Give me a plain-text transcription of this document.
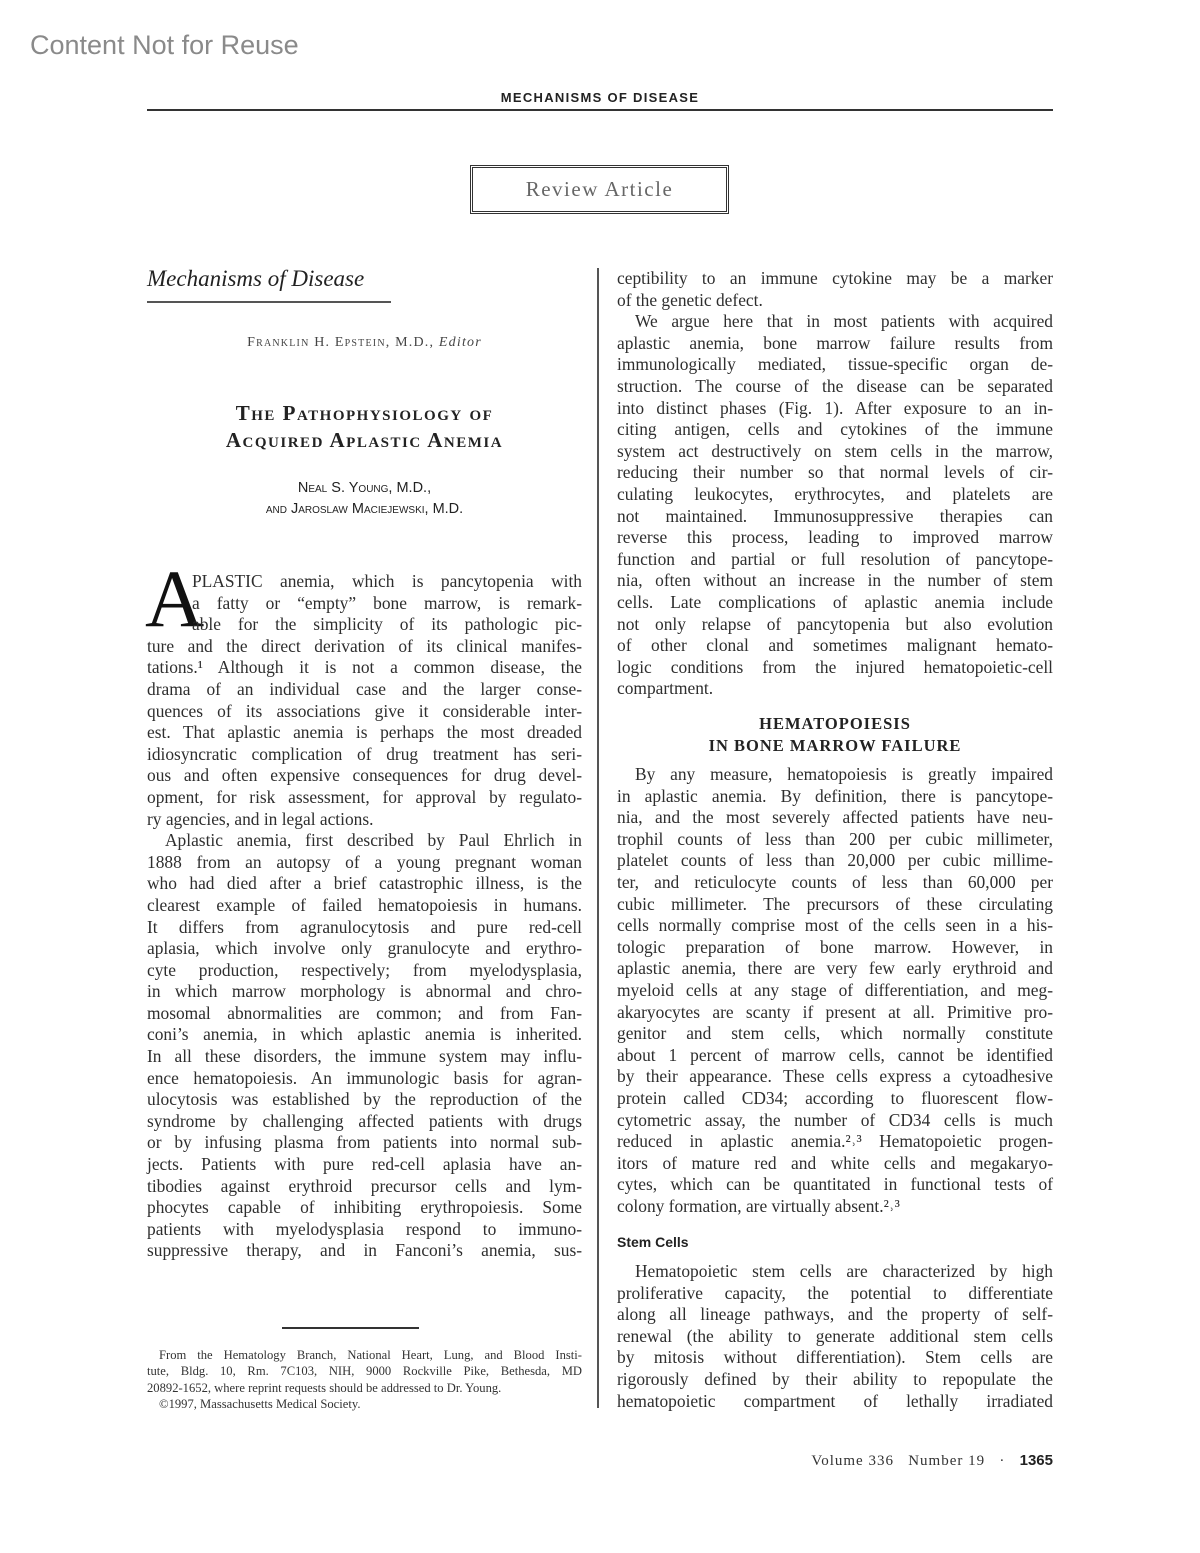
Content Not for Reuse
MECHANISMS OF DISEASE
Review Article
Mechanisms of Disease
Franklin H. Epstein, M.D., Editor
The Pathophysiology of
Acquired Aplastic Anemia
Neal S. Young, M.D.,
and Jaroslaw Maciejewski, M.D.
A
PLASTIC anemia, which is pancytopenia with
a fatty or “empty” bone marrow, is remark-
able for the simplicity of its pathologic pic-
ture and the direct derivation of its clinical manifes-
tations.¹ Although it is not a common disease, the
drama of an individual case and the larger conse-
quences of its associations give it considerable inter-
est. That aplastic anemia is perhaps the most dreaded
idiosyncratic complication of drug treatment has seri-
ous and often expensive consequences for drug devel-
opment, for risk assessment, for approval by regulato-
ry agencies, and in legal actions.
Aplastic anemia, first described by Paul Ehrlich in
1888 from an autopsy of a young pregnant woman
who had died after a brief catastrophic illness, is the
clearest example of failed hematopoiesis in humans.
It differs from agranulocytosis and pure red-cell
aplasia, which involve only granulocyte and erythro-
cyte production, respectively; from myelodysplasia,
in which marrow morphology is abnormal and chro-
mosomal abnormalities are common; and from Fan-
coni’s anemia, in which aplastic anemia is inherited.
In all these disorders, the immune system may influ-
ence hematopoiesis. An immunologic basis for agran-
ulocytosis was established by the reproduction of the
syndrome by challenging affected patients with drugs
or by infusing plasma from patients into normal sub-
jects. Patients with pure red-cell aplasia have an-
tibodies against erythroid precursor cells and lym-
phocytes capable of inhibiting erythropoiesis. Some
patients with myelodysplasia respond to immuno-
suppressive therapy, and in Fanconi’s anemia, sus-
ceptibility to an immune cytokine may be a marker
of the genetic defect.
We argue here that in most patients with acquired
aplastic anemia, bone marrow failure results from
immunologically mediated, tissue-specific organ de-
struction. The course of the disease can be separated
into distinct phases (Fig. 1). After exposure to an in-
citing antigen, cells and cytokines of the immune
system act destructively on stem cells in the marrow,
reducing their number so that normal levels of cir-
culating leukocytes, erythrocytes, and platelets are
not maintained. Immunosuppressive therapies can
reverse this process, leading to improved marrow
function and partial or full resolution of pancytope-
nia, often without an increase in the number of stem
cells. Late complications of aplastic anemia include
not only relapse of pancytopenia but also evolution
of other clonal and sometimes malignant hemato-
logic conditions from the injured hematopoietic-cell
compartment.
HEMATOPOIESIS
IN BONE MARROW FAILURE
By any measure, hematopoiesis is greatly impaired
in aplastic anemia. By definition, there is pancytope-
nia, and the most severely affected patients have neu-
trophil counts of less than 200 per cubic millimeter,
platelet counts of less than 20,000 per cubic millime-
ter, and reticulocyte counts of less than 60,000 per
cubic millimeter. The precursors of these circulating
cells normally comprise most of the cells seen in a his-
tologic preparation of bone marrow. However, in
aplastic anemia, there are very few early erythroid and
myeloid cells at any stage of differentiation, and meg-
akaryocytes are scanty if present at all. Primitive pro-
genitor and stem cells, which normally constitute
about 1 percent of marrow cells, cannot be identified
by their appearance. These cells express a cytoadhesive
protein called CD34; according to fluorescent flow-
cytometric assay, the number of CD34 cells is much
reduced in aplastic anemia.²˒³ Hematopoietic progen-
itors of mature red and white cells and megakaryo-
cytes, which can be quantitated in functional tests of
colony formation, are virtually absent.²˒³
Stem Cells
Hematopoietic stem cells are characterized by high
proliferative capacity, the potential to differentiate
along all lineage pathways, and the property of self-
renewal (the ability to generate additional stem cells
by mitosis without differentiation). Stem cells are
rigorously defined by their ability to repopulate the
hematopoietic compartment of lethally irradiated
From the Hematology Branch, National Heart, Lung, and Blood Insti-
tute, Bldg. 10, Rm. 7C103, NIH, 9000 Rockville Pike, Bethesda, MD
20892-1652, where reprint requests should be addressed to Dr. Young.
©1997, Massachusetts Medical Society.
Volume 336 Number 19 · 1365
